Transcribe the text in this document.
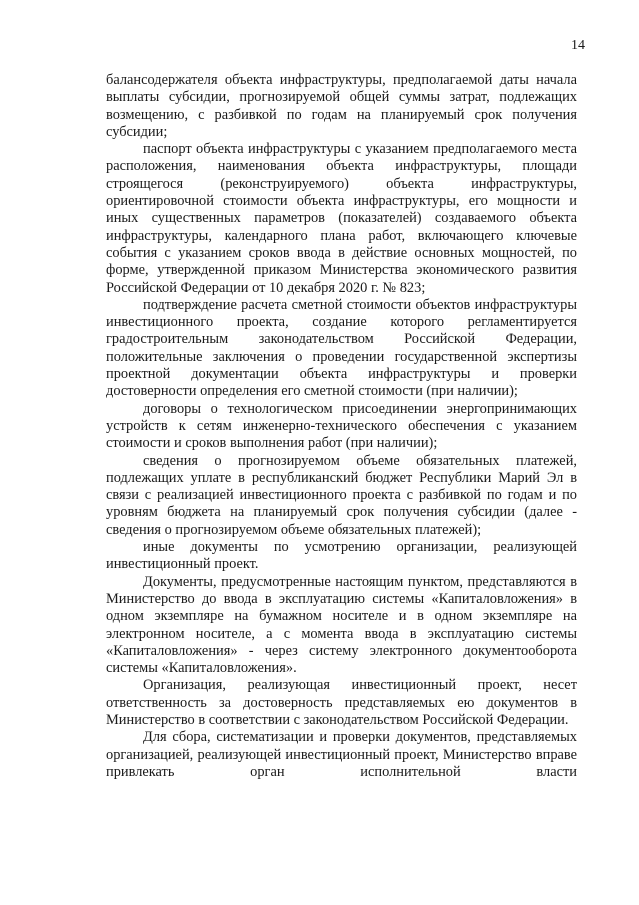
14

балансодержателя объекта инфраструктуры, предполагаемой даты начала выплаты субсидии, прогнозируемой общей суммы затрат, подлежащих возмещению, с разбивкой по годам на планируемый срок получения субсидии;

паспорт объекта инфраструктуры с указанием предполагаемого места расположения, наименования объекта инфраструктуры, площади строящегося (реконструируемого) объекта инфраструктуры, ориентировочной стоимости объекта инфраструктуры, его мощности и иных существенных параметров (показателей) создаваемого объекта инфраструктуры, календарного плана работ, включающего ключевые события с указанием сроков ввода в действие основных мощностей, по форме, утвержденной приказом Министерства экономического развития Российской Федерации от 10 декабря 2020 г. № 823;

подтверждение расчета сметной стоимости объектов инфраструктуры инвестиционного проекта, создание которого регламентируется градостроительным законодательством Российской Федерации, положительные заключения о проведении государственной экспертизы проектной документации объекта инфраструктуры и проверки достоверности определения его сметной стоимости (при наличии);

договоры о технологическом присоединении энергопринимающих устройств к сетям инженерно-технического обеспечения с указанием стоимости и сроков выполнения работ (при наличии);

сведения о прогнозируемом объеме обязательных платежей, подлежащих уплате в республиканский бюджет Республики Марий Эл в связи с реализацией инвестиционного проекта с разбивкой по годам и по уровням бюджета на планируемый срок получения субсидии (далее - сведения о прогнозируемом объеме обязательных платежей);

иные документы по усмотрению организации, реализующей инвестиционный проект.

Документы, предусмотренные настоящим пунктом, представляются в Министерство до ввода в эксплуатацию системы «Капиталовложения» в одном экземпляре на бумажном носителе и в одном экземпляре на электронном носителе, а с момента ввода в эксплуатацию системы «Капиталовложения» - через систему электронного документооборота системы «Капиталовложения».

Организация, реализующая инвестиционный проект, несет ответственность за достоверность представляемых ею документов в Министерство в соответствии с законодательством Российской Федерации.

Для сбора, систематизации и проверки документов, представляемых организацией, реализующей инвестиционный проект, Министерство вправе привлекать орган исполнительной власти
